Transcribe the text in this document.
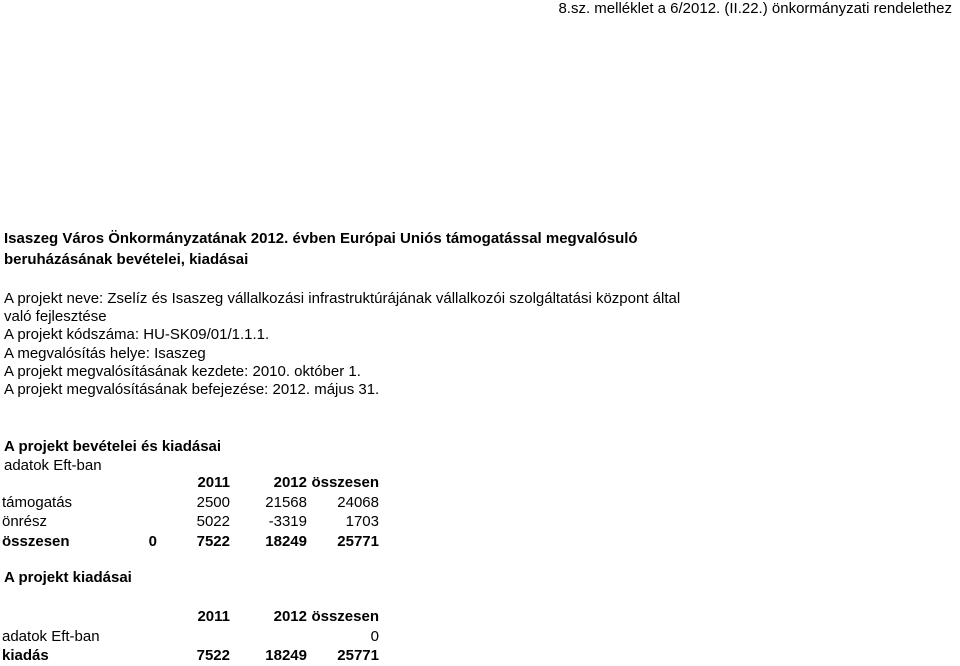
8.sz. melléklet a 6/2012. (II.22.) önkormányzati rendelethez
Isaszeg Város Önkormányzatának 2012. évben Európai Uniós támogatással megvalósuló
beruházásának bevételei, kiadásai
A projekt neve: Zselíz és Isaszeg vállalkozási infrastruktúrájának vállalkozói szolgáltatási központ által
való fejlesztése
A projekt kódszáma: HU-SK09/01/1.1.1.
A megvalósítás helye: Isaszeg
A projekt megvalósításának kezdete: 2010. október 1.
A projekt megvalósításának befejezése: 2012. május 31.
A projekt bevételei és kiadásai
adatok Eft-ban
		2011	2012	összesen
támogatás		2500	21568	24068
önrész		5022	-3319	1703
összesen	0	7522	18249	25771
A projekt kiadásai
		2011	2012	összesen
adatok Eft-ban				0
kiadás		7522	18249	25771
